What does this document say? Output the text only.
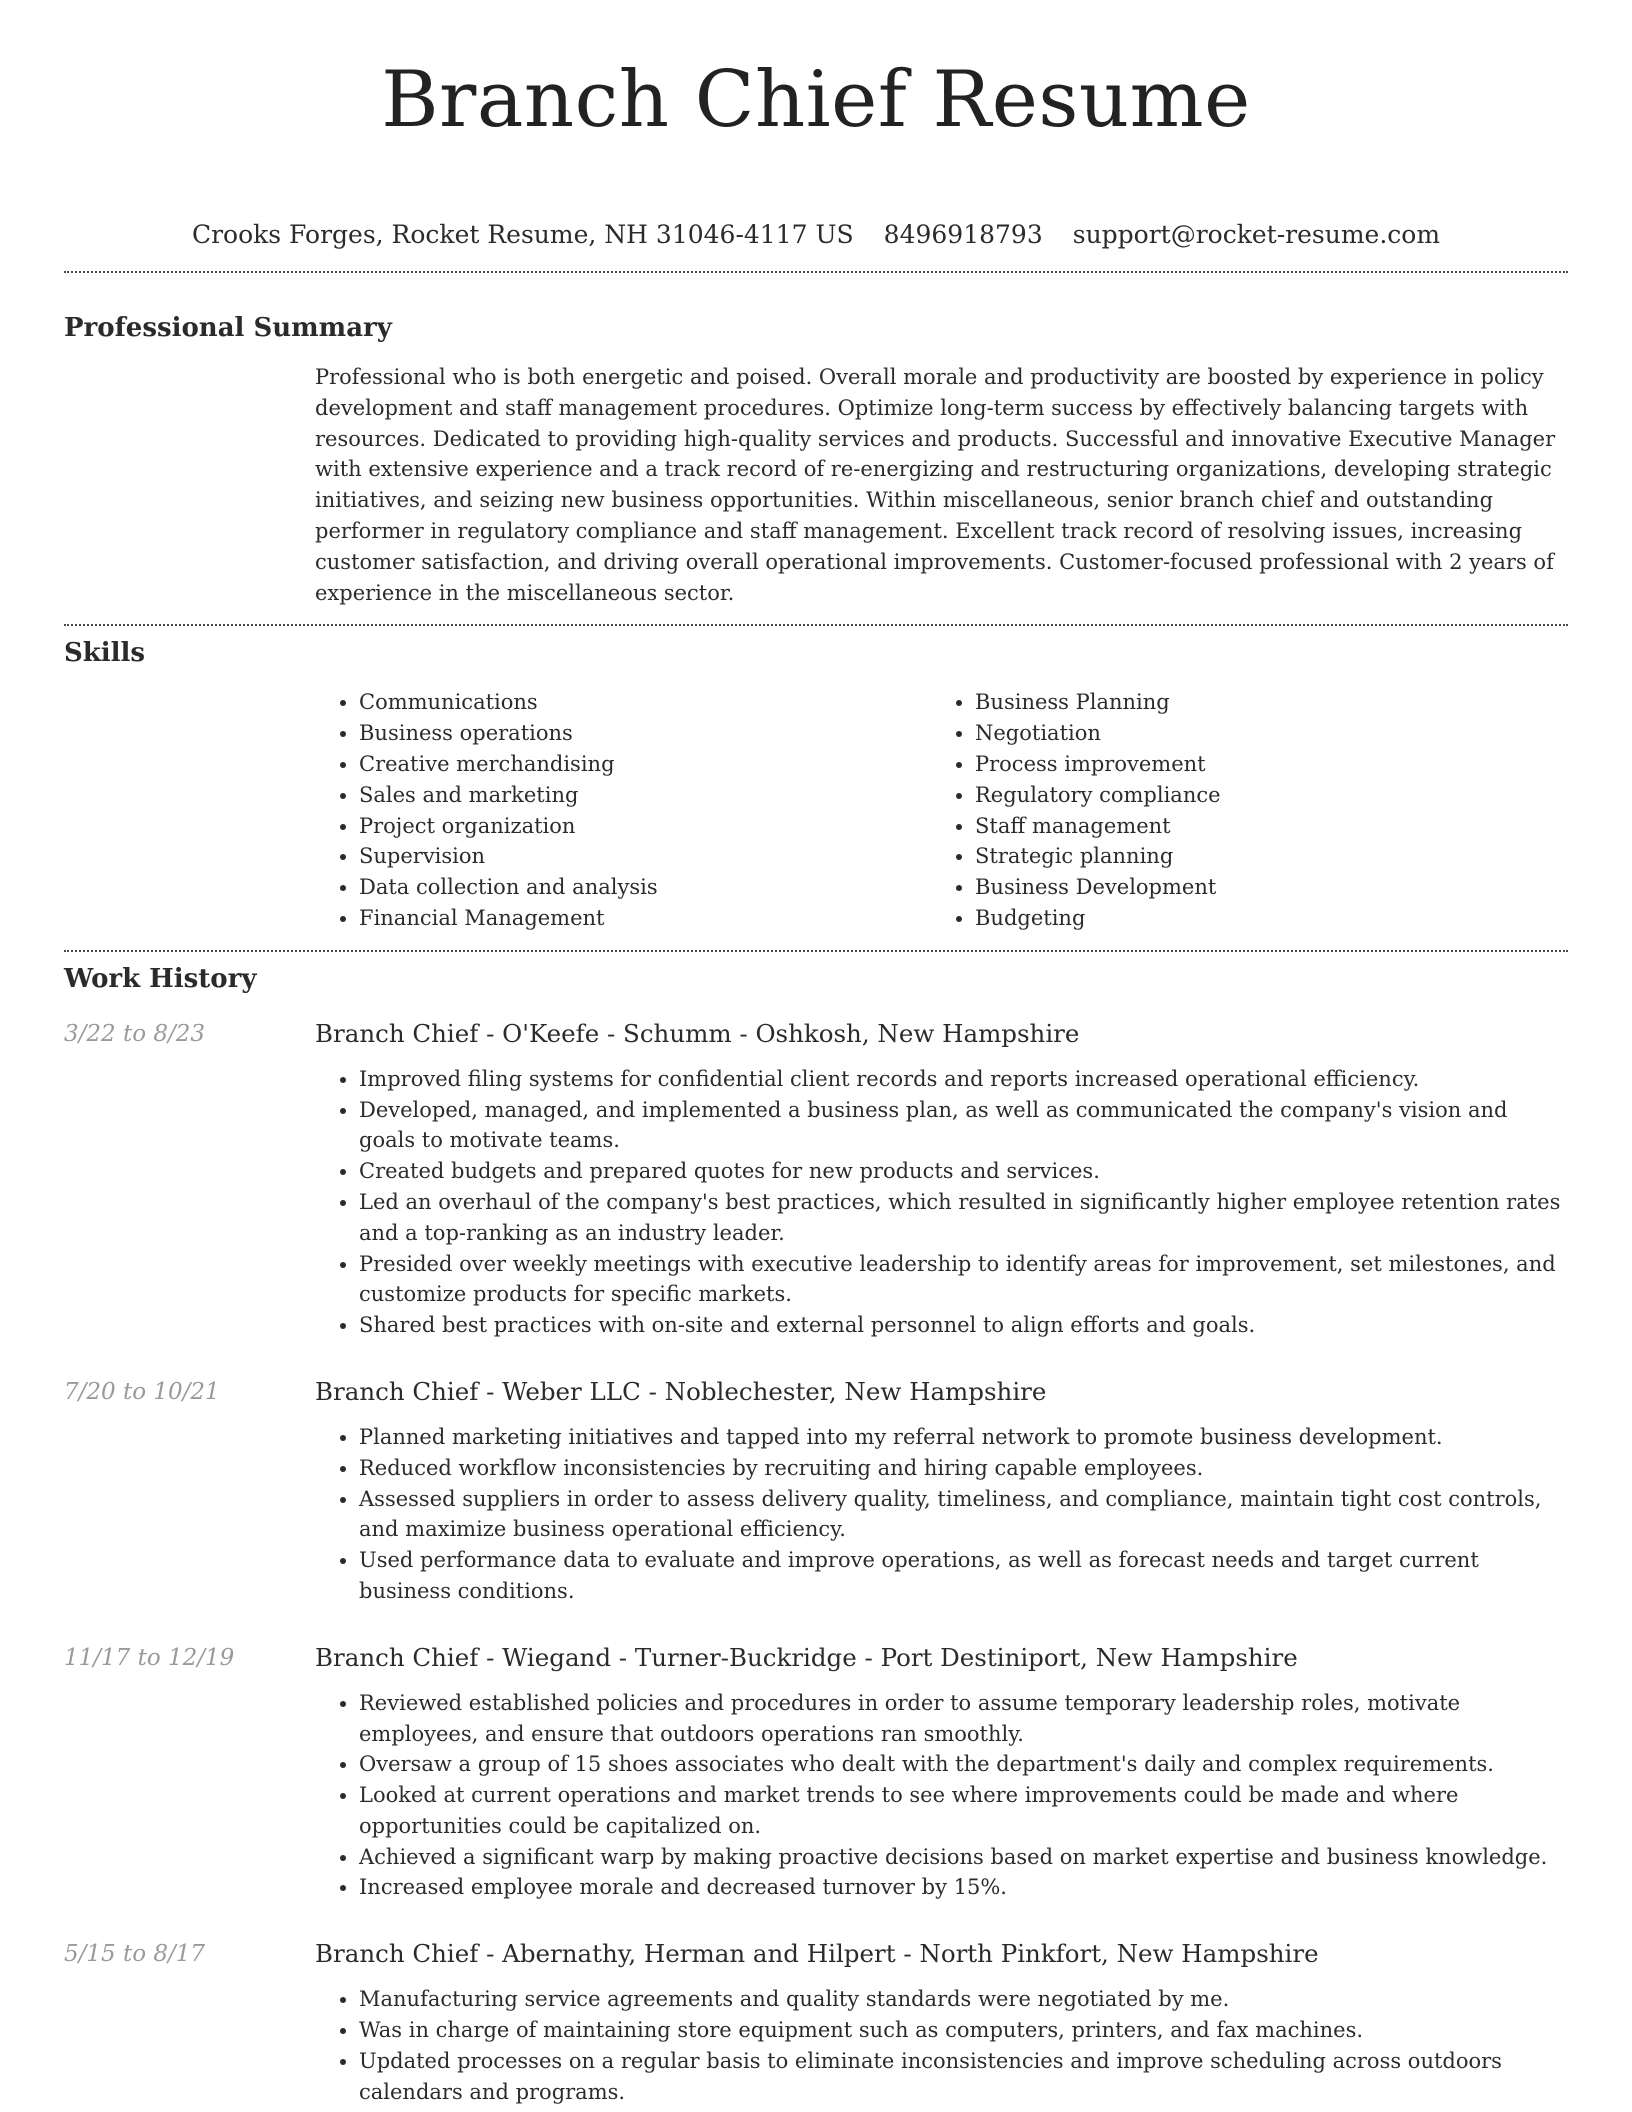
Branch Chief Resume
Crooks Forges, Rocket Resume, NH 31046-4117 US 8496918793 support@rocket-resume.com
Professional Summary

Professional who is both energetic and poised. Overall morale and productivity are boosted by experience in policy development and staff management procedures. Optimize long-term success by effectively balancing targets with resources. Dedicated to providing high-quality services and products. Successful and innovative Executive Manager with extensive experience and a track record of re-energizing and restructuring organizations, developing strategic initiatives, and seizing new business opportunities. Within miscellaneous, senior branch chief and outstanding performer in regulatory compliance and staff management. Excellent track record of resolving issues, increasing customer satisfaction, and driving overall operational improvements. Customer-focused professional with 2 years of experience in the miscellaneous sector.

Skills
• Communications
• Business operations
• Creative merchandising
• Sales and marketing
• Project organization
• Supervision
• Data collection and analysis
• Financial Management
• Business Planning
• Negotiation
• Process improvement
• Regulatory compliance
• Staff management
• Strategic planning
• Business Development
• Budgeting
Work History
3/22 to 8/23	Branch Chief - O'Keefe - Schumm - Oshkosh, New Hampshire
• Improved filing systems for confidential client records and reports increased operational efficiency.
• Developed, managed, and implemented a business plan, as well as communicated the company's vision and goals to motivate teams.
• Created budgets and prepared quotes for new products and services.
• Led an overhaul of the company's best practices, which resulted in significantly higher employee retention rates and a top-ranking as an industry leader.
• Presided over weekly meetings with executive leadership to identify areas for improvement, set milestones, and customize products for specific markets.
• Shared best practices with on-site and external personnel to align efforts and goals.
7/20 to 10/21	Branch Chief - Weber LLC - Noblechester, New Hampshire
• Planned marketing initiatives and tapped into my referral network to promote business development.
• Reduced workflow inconsistencies by recruiting and hiring capable employees.
• Assessed suppliers in order to assess delivery quality, timeliness, and compliance, maintain tight cost controls, and maximize business operational efficiency.
• Used performance data to evaluate and improve operations, as well as forecast needs and target current business conditions.
11/17 to 12/19	Branch Chief - Wiegand - Turner-Buckridge - Port Destiniport, New Hampshire
• Reviewed established policies and procedures in order to assume temporary leadership roles, motivate employees, and ensure that outdoors operations ran smoothly.
• Oversaw a group of 15 shoes associates who dealt with the department's daily and complex requirements.
• Looked at current operations and market trends to see where improvements could be made and where opportunities could be capitalized on.
• Achieved a significant warp by making proactive decisions based on market expertise and business knowledge.
• Increased employee morale and decreased turnover by 15%.
5/15 to 8/17	Branch Chief - Abernathy, Herman and Hilpert - North Pinkfort, New Hampshire
• Manufacturing service agreements and quality standards were negotiated by me.
• Was in charge of maintaining store equipment such as computers, printers, and fax machines.
• Updated processes on a regular basis to eliminate inconsistencies and improve scheduling across outdoors calendars and programs.
